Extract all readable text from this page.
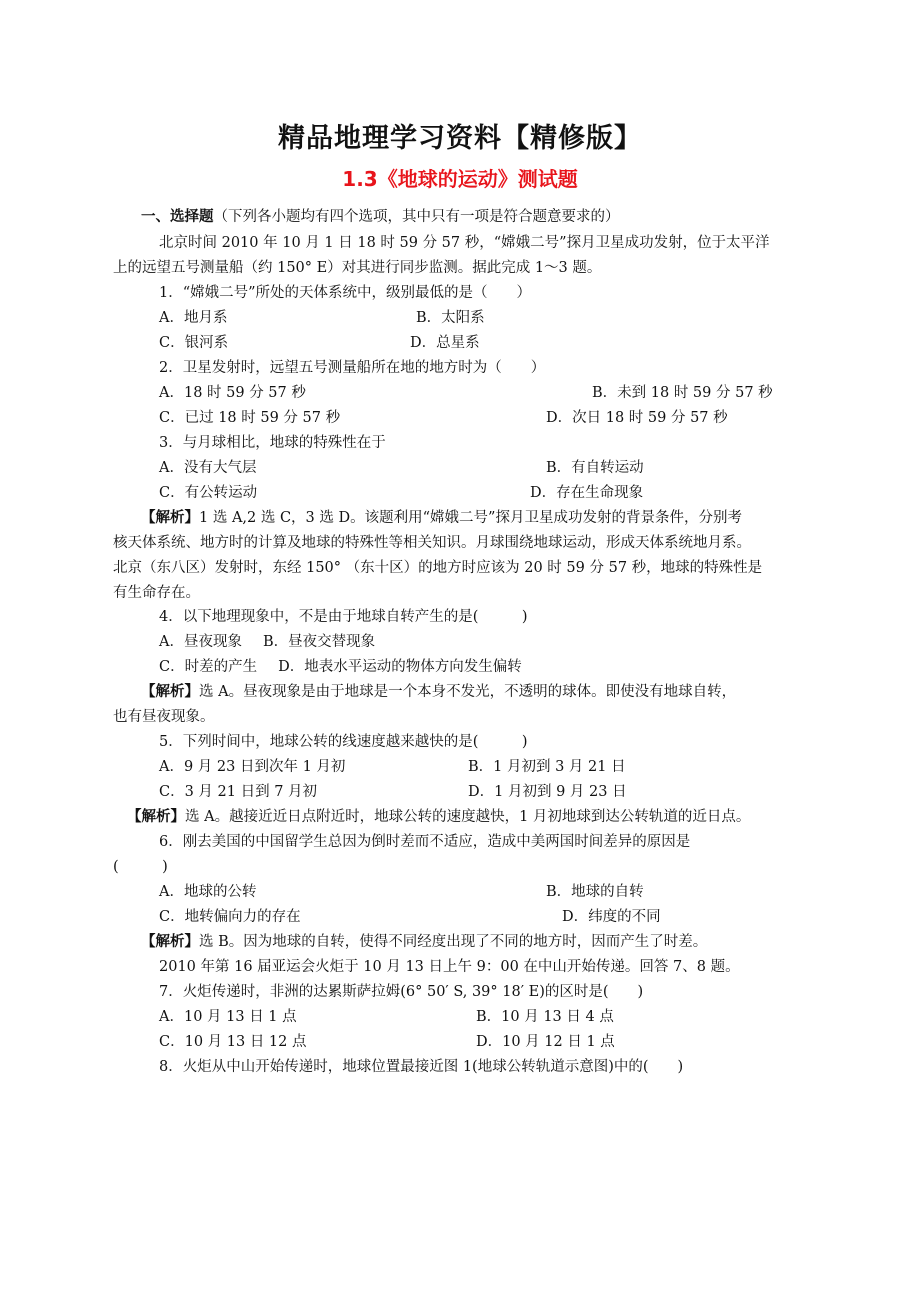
精品地理学习资料【精修版】
1.3《地球的运动》测试题
一、选择题（下列各小题均有四个选项，其中只有一项是符合题意要求的）
北京时间 2010 年 10 月 1 日 18 时 59 分 57 秒，“嫦娥二号”探月卫星成功发射，位于太平洋
上的远望五号测量船（约 150° E）对其进行同步监测。据此完成 1～3 题。
1．“嫦娥二号”所处的天体系统中，级别最低的是（　　）
A．地月系	B．太阳系
C．银河系	D．总星系
2．卫星发射时，远望五号测量船所在地的地方时为（　　）
A．18 时 59 分 57 秒	B．未到 18 时 59 分 57 秒
C．已过 18 时 59 分 57 秒	D．次日 18 时 59 分 57 秒
3．与月球相比，地球的特殊性在于
A．没有大气层	B．有自转运动
C．有公转运动	D．存在生命现象
【解析】1 选 A,2 选 C，3 选 D。该题利用“嫦娥二号”探月卫星成功发射的背景条件，分别考
核天体系统、地方时的计算及地球的特殊性等相关知识。月球围绕地球运动，形成天体系统地月系。
北京（东八区）发射时，东经 150° （东十区）的地方时应该为 20 时 59 分 57 秒，地球的特殊性是
有生命存在。
4．以下地理现象中，不是由于地球自转产生的是(　　　)
A．昼夜现象 B．昼夜交替现象
C．时差的产生 D．地表水平运动的物体方向发生偏转
【解析】选 A。昼夜现象是由于地球是一个本身不发光，不透明的球体。即使没有地球自转，
也有昼夜现象。
5．下列时间中，地球公转的线速度越来越快的是(　　　)
A．9 月 23 日到次年 1 月初	B．1 月初到 3 月 21 日
C．3 月 21 日到 7 月初	D．1 月初到 9 月 23 日
【解析】选 A。越接近近日点附近时，地球公转的速度越快，1 月初地球到达公转轨道的近日点。
6．刚去美国的中国留学生总因为倒时差而不适应，造成中美两国时间差异的原因是
(　　　)
A．地球的公转	B．地球的自转
C．地转偏向力的存在	D．纬度的不同
【解析】选 B。因为地球的自转，使得不同经度出现了不同的地方时，因而产生了时差。
2010 年第 16 届亚运会火炬于 10 月 13 日上午 9：00 在中山开始传递。回答 7、8 题。
7．火炬传递时，非洲的达累斯萨拉姆(6° 50′ S, 39° 18′ E)的区时是(　　)
A．10 月 13 日 1 点	B．10 月 13 日 4 点
C．10 月 13 日 12 点	D．10 月 12 日 1 点
8．火炬从中山开始传递时，地球位置最接近图 1(地球公转轨道示意图)中的(　　)
